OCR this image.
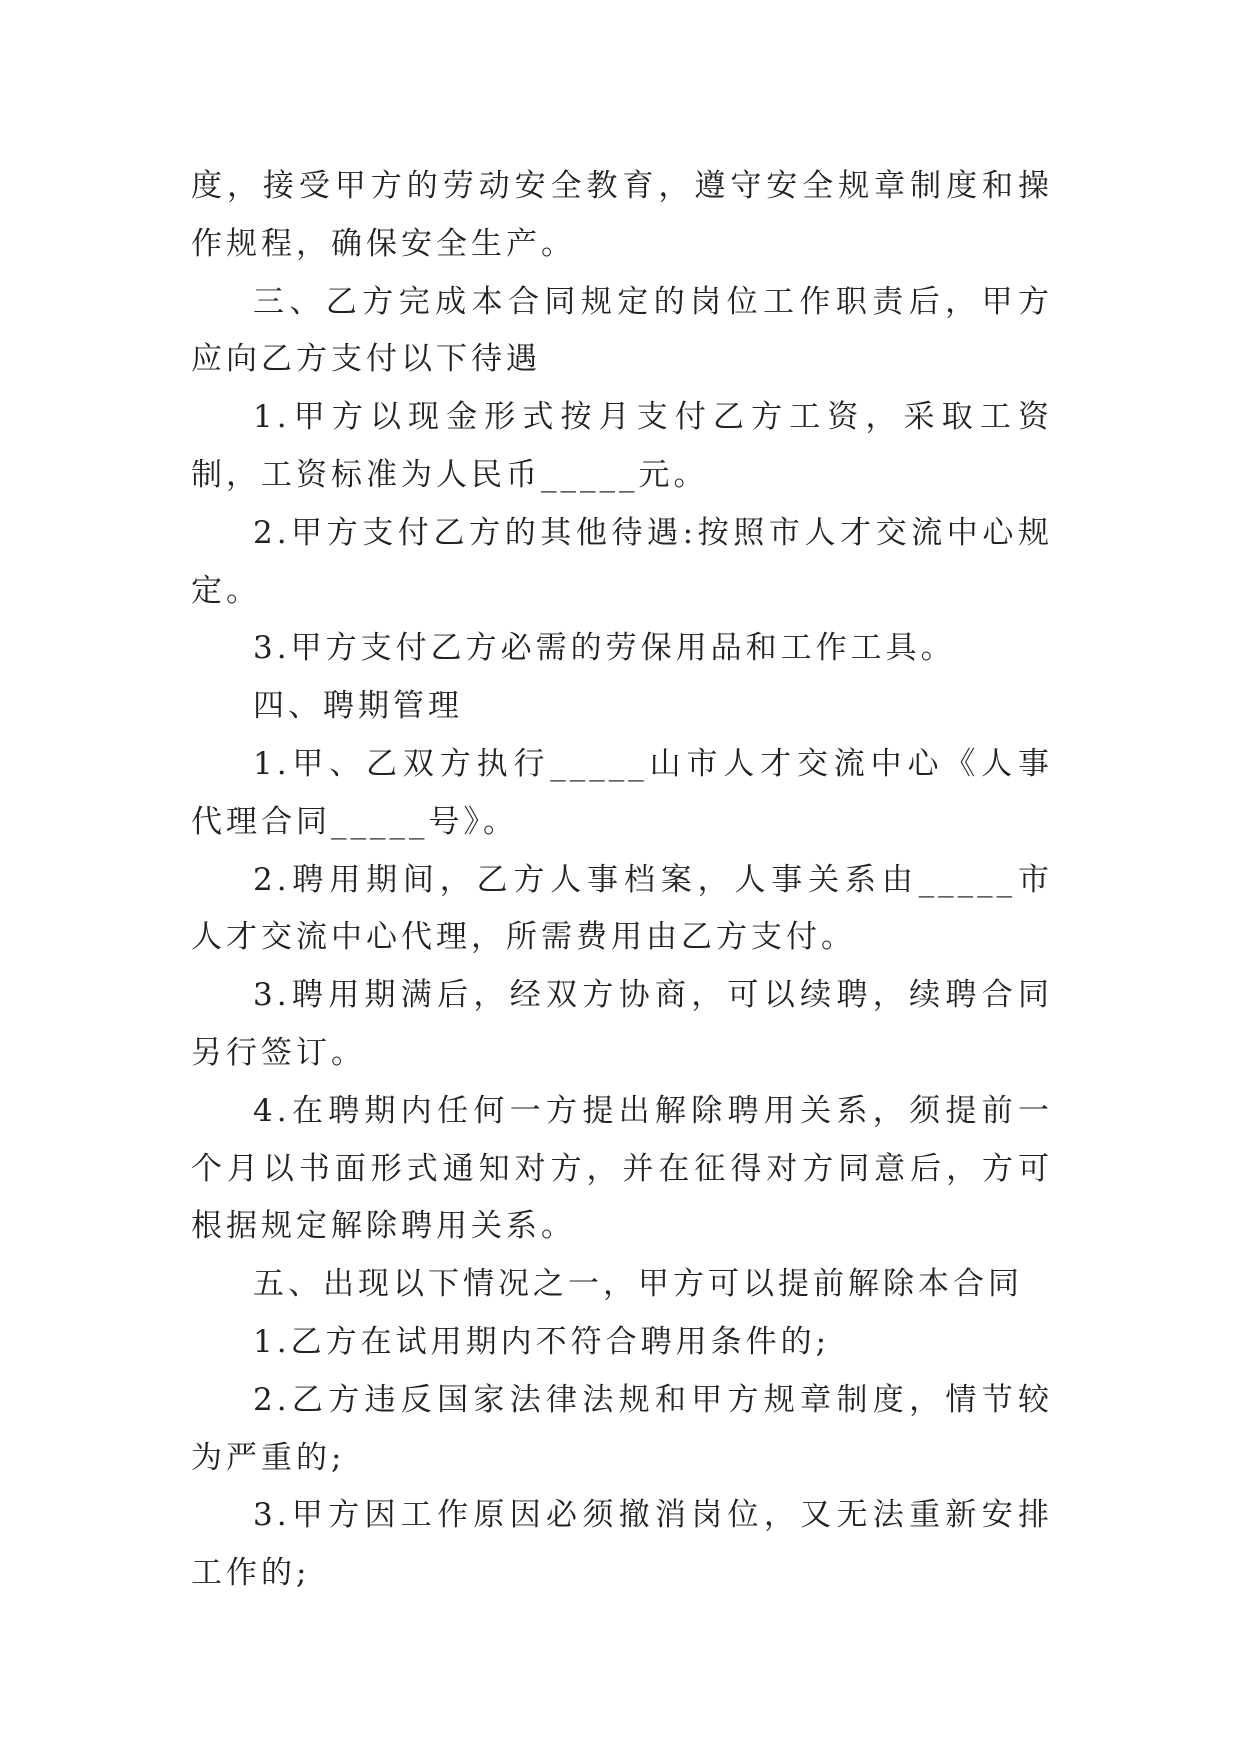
度，接受甲方的劳动安全教育，遵守安全规章制度和操作规程，确保安全生产。

三、乙方完成本合同规定的岗位工作职责后，甲方应向乙方支付以下待遇

1.甲方以现金形式按月支付乙方工资，采取工资制，工资标准为人民币_____元。

2.甲方支付乙方的其他待遇:按照市人才交流中心规定。

3.甲方支付乙方必需的劳保用品和工作工具。

四、聘期管理

1.甲、乙双方执行_____山市人才交流中心《人事代理合同_____号》。

2.聘用期间，乙方人事档案，人事关系由_____市人才交流中心代理，所需费用由乙方支付。

3.聘用期满后，经双方协商，可以续聘，续聘合同另行签订。

4.在聘期内任何一方提出解除聘用关系，须提前一个月以书面形式通知对方，并在征得对方同意后，方可根据规定解除聘用关系。

五、出现以下情况之一，甲方可以提前解除本合同

1.乙方在试用期内不符合聘用条件的;

2.乙方违反国家法律法规和甲方规章制度，情节较为严重的;

3.甲方因工作原因必须撤消岗位，又无法重新安排工作的;
